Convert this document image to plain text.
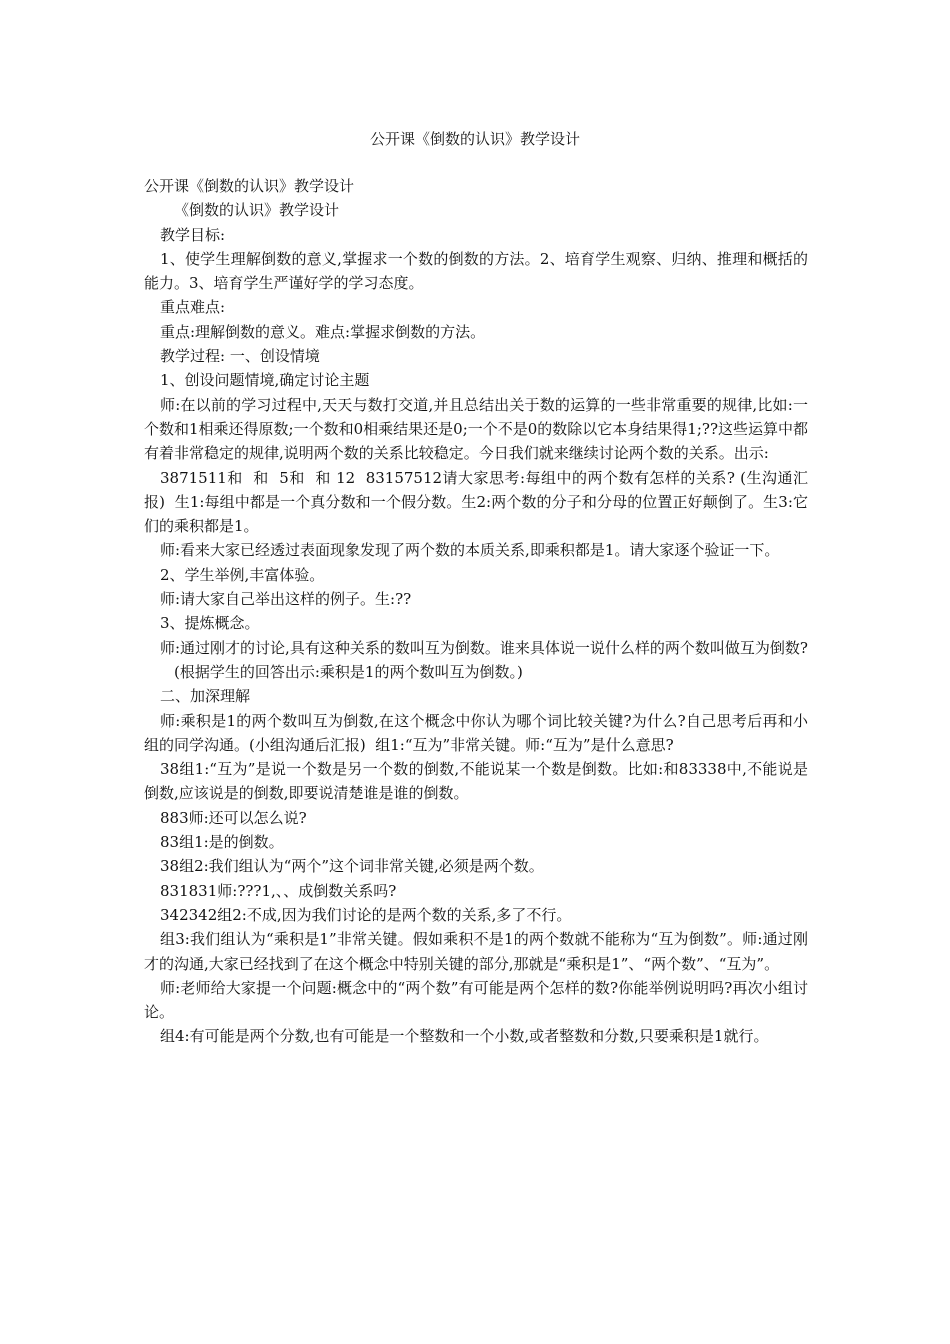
公开课《倒数的认识》教学设计

公开课《倒数的认识》教学设计

《倒数的认识》教学设计

教学目标:

1、使学生理解倒数的意义,掌握求一个数的倒数的方法。2、培育学生观察、归纳、推理和概括的能力。3、培育学生严谨好学的学习态度。

重点难点:

重点:理解倒数的意义。难点:掌握求倒数的方法。

教学过程: 一、创设情境

1、创设问题情境,确定讨论主题

师:在以前的学习过程中,天天与数打交道,并且总结出关于数的运算的一些非常重要的规律,比如:一个数和1相乘还得原数;一个数和0相乘结果还是0;一个不是0的数除以它本身结果得1;??这些运算中都有着非常稳定的规律,说明两个数的关系比较稳定。今日我们就来继续讨论两个数的关系。出示:

3871511和  和  5和  和 12  83157512请大家思考:每组中的两个数有怎样的关系? (生沟通汇报)  生1:每组中都是一个真分数和一个假分数。生2:两个数的分子和分母的位置正好颠倒了。生3:它们的乘积都是1。

师:看来大家已经透过表面现象发现了两个数的本质关系,即乘积都是1。请大家逐个验证一下。

2、学生举例,丰富体验。

师:请大家自己举出这样的例子。生:??

3、提炼概念。

师:通过刚才的讨论,具有这种关系的数叫互为倒数。谁来具体说一说什么样的两个数叫做互为倒数?

(根据学生的回答出示:乘积是1的两个数叫互为倒数。)

二、加深理解

师:乘积是1的两个数叫互为倒数,在这个概念中你认为哪个词比较关键?为什么?自己思考后再和小组的同学沟通。(小组沟通后汇报)  组1:“互为”非常关键。师:“互为”是什么意思?

38组1:“互为”是说一个数是另一个数的倒数,不能说某一个数是倒数。比如:和83338中,不能说是倒数,应该说是的倒数,即要说清楚谁是谁的倒数。

883师:还可以怎么说?

83组1:是的倒数。

38组2:我们组认为“两个”这个词非常关键,必须是两个数。

831831师:???1,、、成倒数关系吗?

342342组2:不成,因为我们讨论的是两个数的关系,多了不行。

组3:我们组认为“乘积是1”非常关键。假如乘积不是1的两个数就不能称为“互为倒数”。师:通过刚才的沟通,大家已经找到了在这个概念中特别关键的部分,那就是“乘积是1”、“两个数”、“互为”。

师:老师给大家提一个问题:概念中的“两个数”有可能是两个怎样的数?你能举例说明吗?再次小组讨论。

组4:有可能是两个分数,也有可能是一个整数和一个小数,或者整数和分数,只要乘积是1就行。
